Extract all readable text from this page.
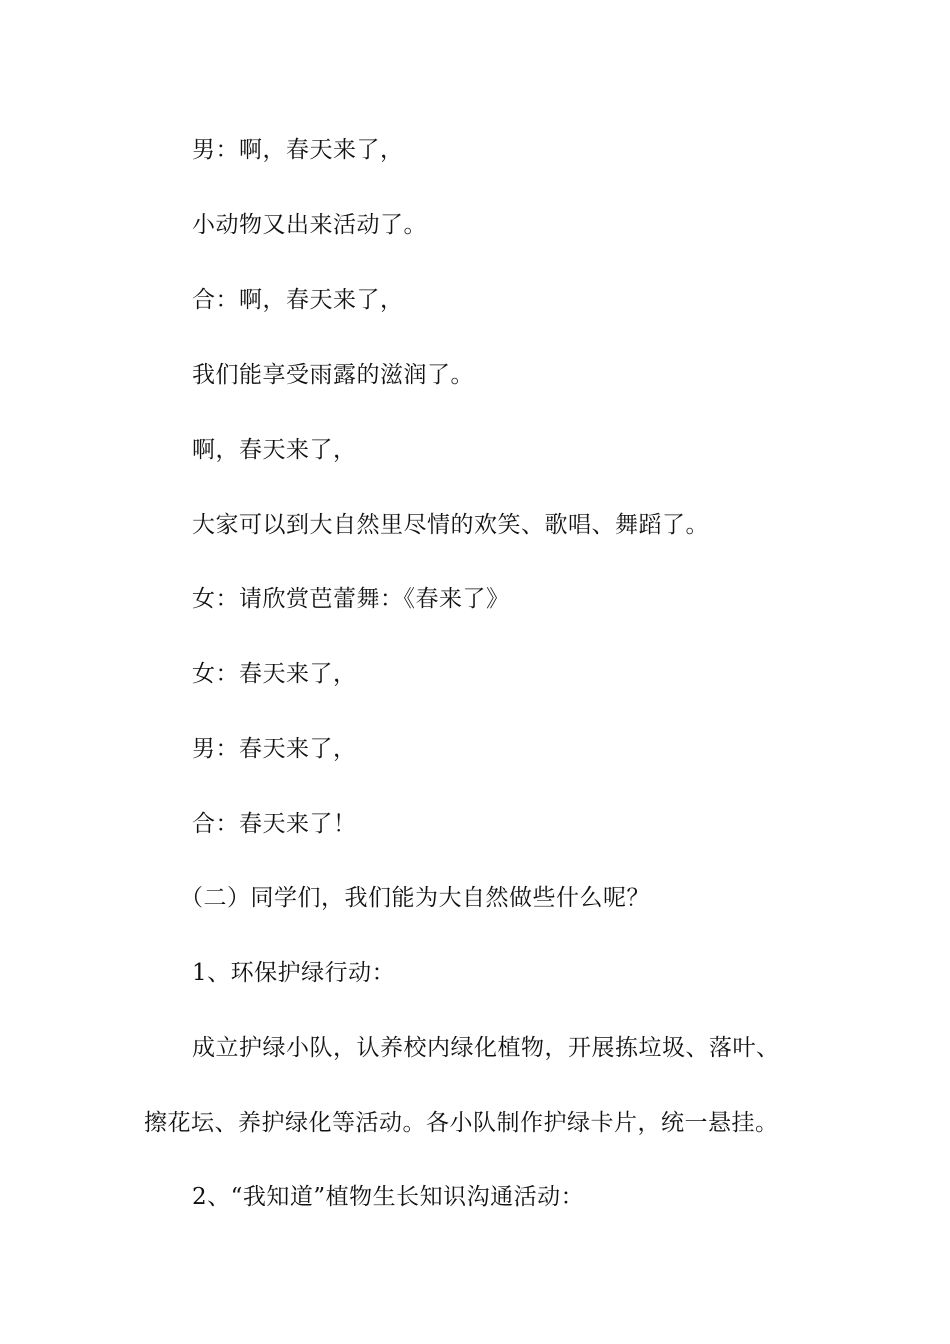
男：啊，春天来了，
小动物又出来活动了。
合：啊，春天来了，
我们能享受雨露的滋润了。
啊，春天来了，
大家可以到大自然里尽情的欢笑、歌唱、舞蹈了。
女：请欣赏芭蕾舞：《春来了》
女：春天来了，
男：春天来了，
合：春天来了！
（二）同学们，我们能为大自然做些什么呢？
1、环保护绿行动：
成立护绿小队，认养校内绿化植物，开展拣垃圾、落叶、
擦花坛、养护绿化等活动。各小队制作护绿卡片，统一悬挂。
2、“我知道”植物生长知识沟通活动：
